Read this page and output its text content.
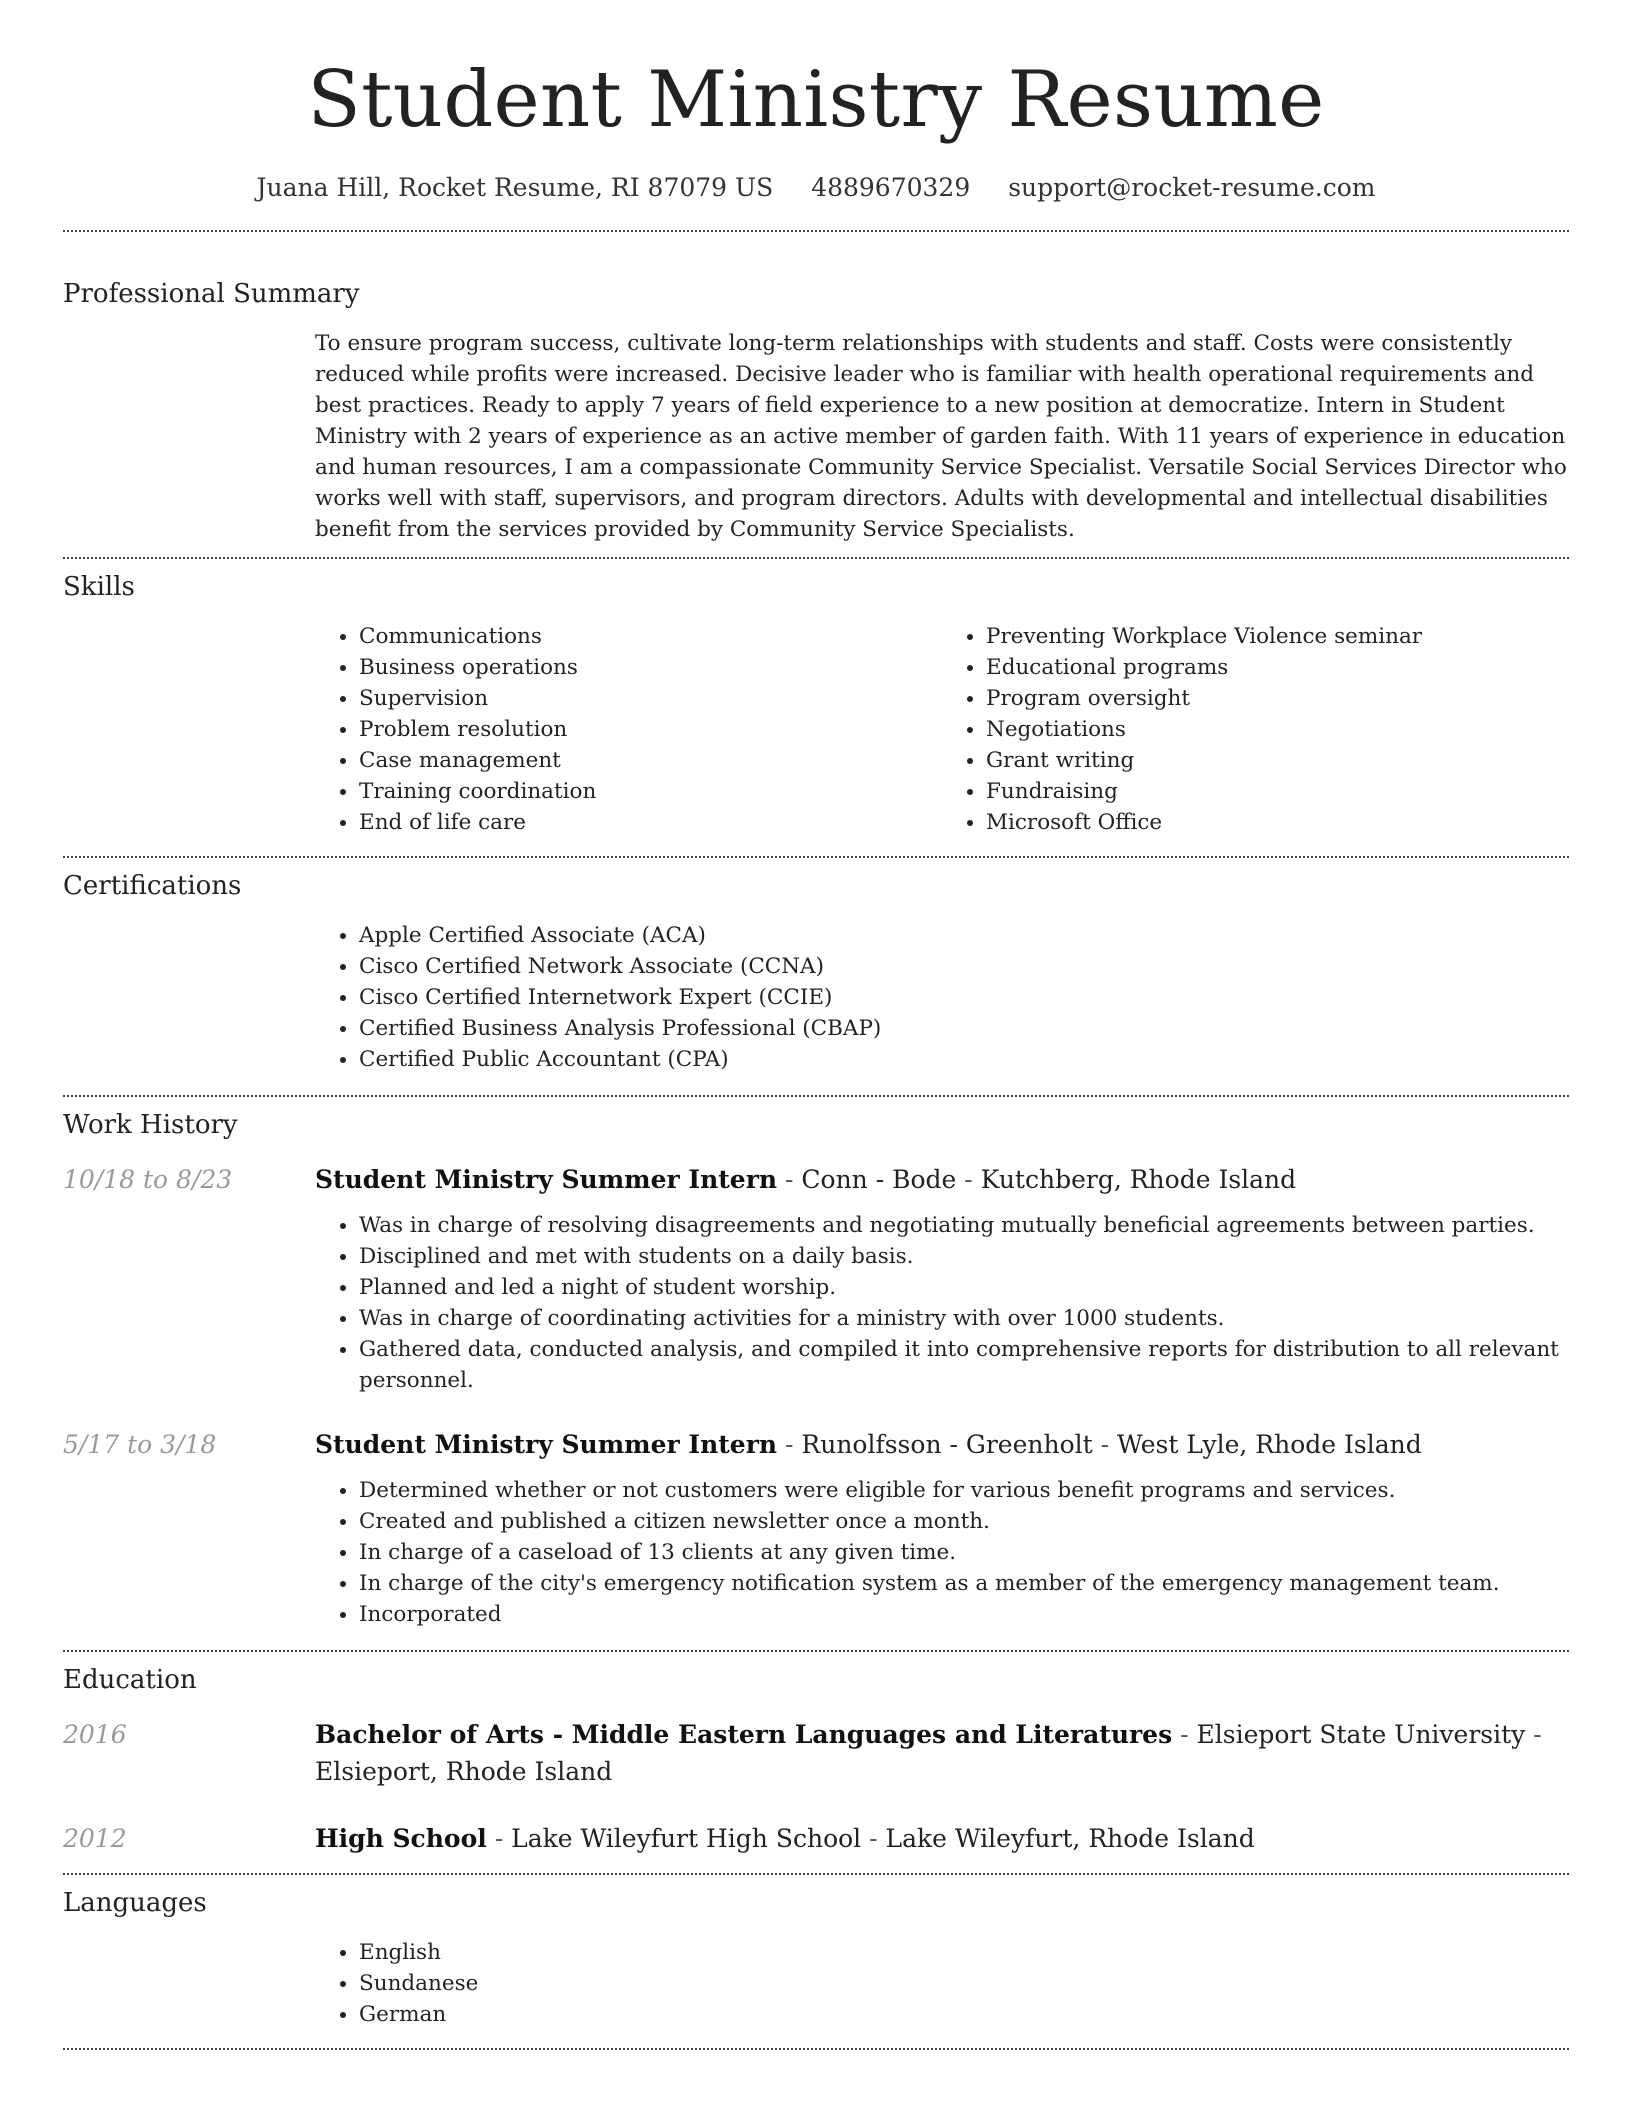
Student Ministry Resume
Juana Hill, Rocket Resume, RI 87079 US 4889670329 support@rocket-resume.com
Professional Summary

To ensure program success, cultivate long-term relationships with students and staff. Costs were consistently reduced while profits were increased. Decisive leader who is familiar with health operational requirements and best practices. Ready to apply 7 years of field experience to a new position at democratize. Intern in Student Ministry with 2 years of experience as an active member of garden faith. With 11 years of experience in education and human resources, I am a compassionate Community Service Specialist. Versatile Social Services Director who works well with staff, supervisors, and program directors. Adults with developmental and intellectual disabilities benefit from the services provided by Community Service Specialists.

Skills
• Communications
• Business operations
• Supervision
• Problem resolution
• Case management
• Training coordination
• End of life care
• Preventing Workplace Violence seminar
• Educational programs
• Program oversight
• Negotiations
• Grant writing
• Fundraising
• Microsoft Office
Certifications
• Apple Certified Associate (ACA)
• Cisco Certified Network Associate (CCNA)
• Cisco Certified Internetwork Expert (CCIE)
• Certified Business Analysis Professional (CBAP)
• Certified Public Accountant (CPA)
Work History
10/18 to 8/23	Student Ministry Summer Intern - Conn - Bode - Kutchberg, Rhode Island
• Was in charge of resolving disagreements and negotiating mutually beneficial agreements between parties.
• Disciplined and met with students on a daily basis.
• Planned and led a night of student worship.
• Was in charge of coordinating activities for a ministry with over 1000 students.
• Gathered data, conducted analysis, and compiled it into comprehensive reports for distribution to all relevant personnel.
5/17 to 3/18	Student Ministry Summer Intern - Runolfsson - Greenholt - West Lyle, Rhode Island
• Determined whether or not customers were eligible for various benefit programs and services.
• Created and published a citizen newsletter once a month.
• In charge of a caseload of 13 clients at any given time.
• In charge of the city's emergency notification system as a member of the emergency management team.
• Incorporated
Education
2016	Bachelor of Arts - Middle Eastern Languages and Literatures - Elsieport State University - Elsieport, Rhode Island
2012	High School - Lake Wileyfurt High School - Lake Wileyfurt, Rhode Island
Languages
• English
• Sundanese
• German
